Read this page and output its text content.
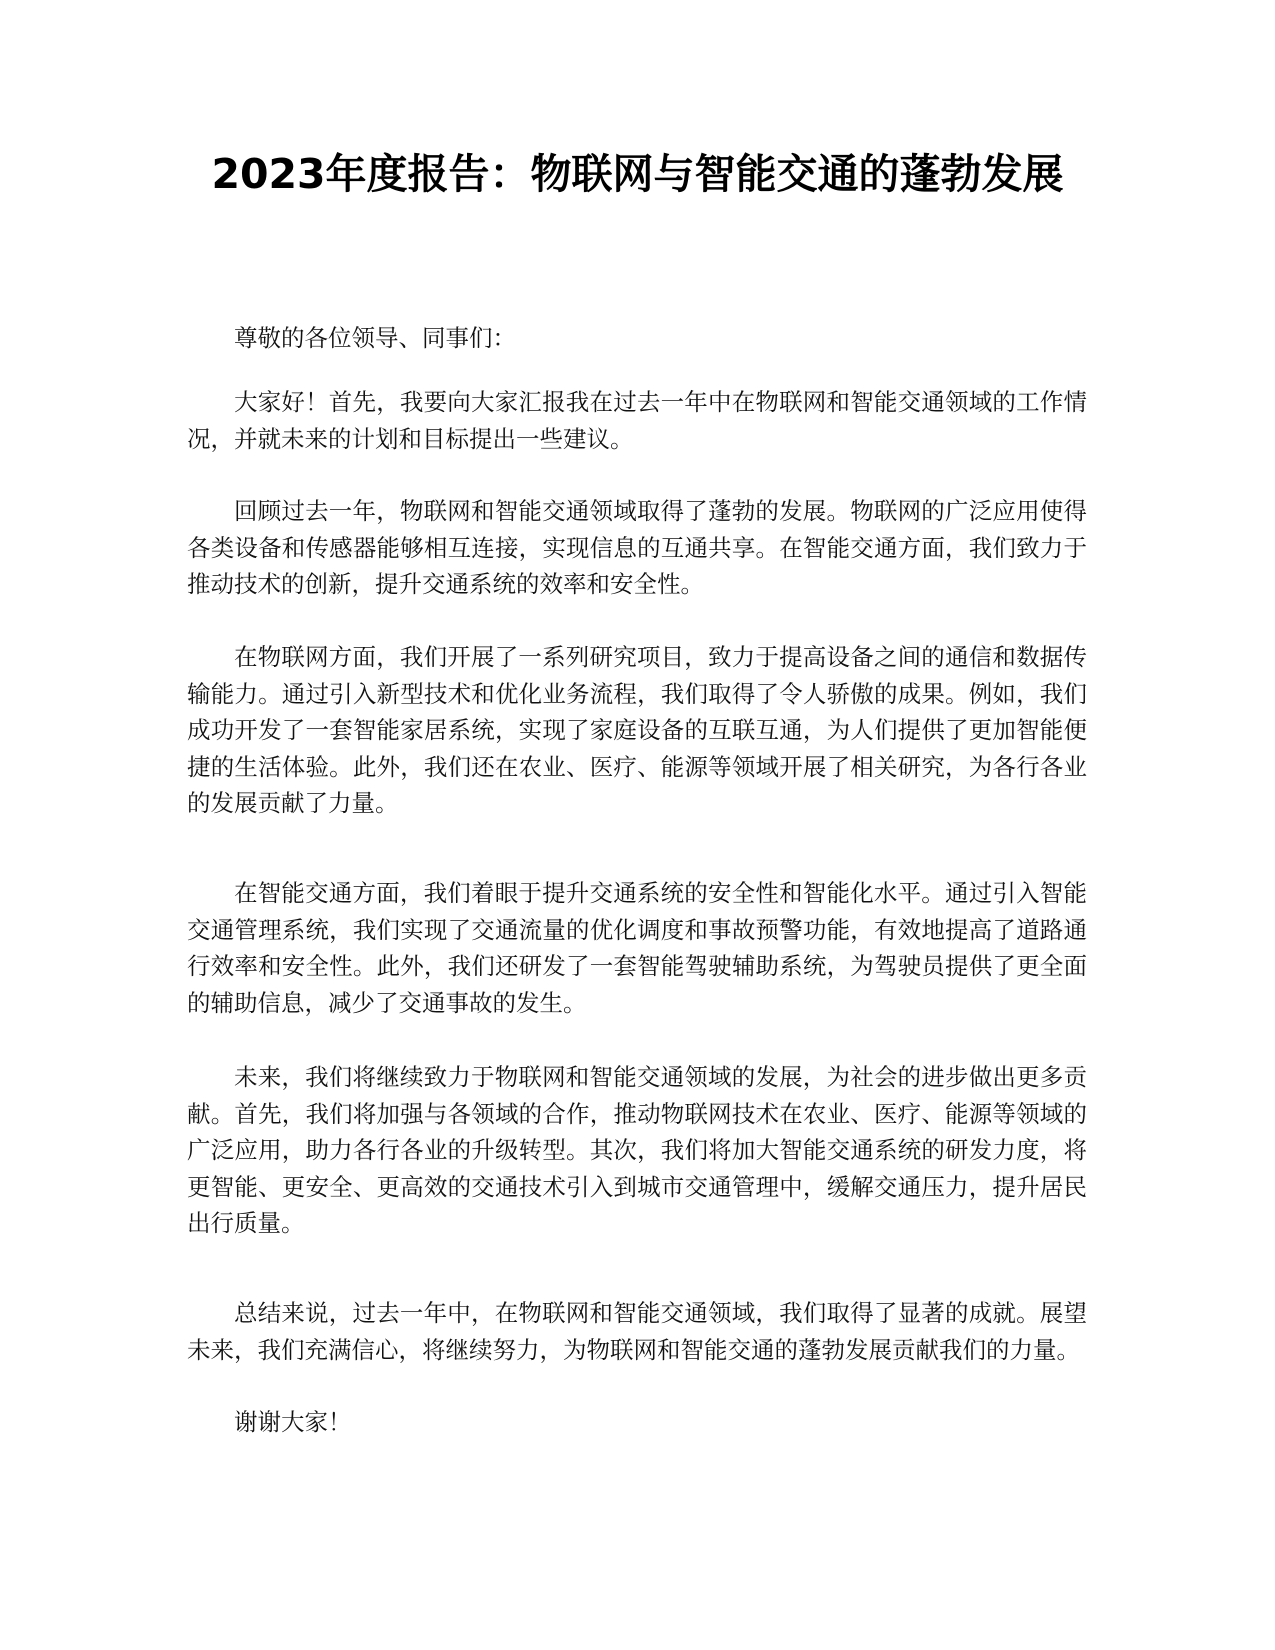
2023年度报告：物联网与智能交通的蓬勃发展

尊敬的各位领导、同事们：

大家好！首先，我要向大家汇报我在过去一年中在物联网和智能交通领域的工作情况，并就未来的计划和目标提出一些建议。

回顾过去一年，物联网和智能交通领域取得了蓬勃的发展。物联网的广泛应用使得各类设备和传感器能够相互连接，实现信息的互通共享。在智能交通方面，我们致力于推动技术的创新，提升交通系统的效率和安全性。

在物联网方面，我们开展了一系列研究项目，致力于提高设备之间的通信和数据传输能力。通过引入新型技术和优化业务流程，我们取得了令人骄傲的成果。例如，我们成功开发了一套智能家居系统，实现了家庭设备的互联互通，为人们提供了更加智能便捷的生活体验。此外，我们还在农业、医疗、能源等领域开展了相关研究，为各行各业的发展贡献了力量。

在智能交通方面，我们着眼于提升交通系统的安全性和智能化水平。通过引入智能交通管理系统，我们实现了交通流量的优化调度和事故预警功能，有效地提高了道路通行效率和安全性。此外，我们还研发了一套智能驾驶辅助系统，为驾驶员提供了更全面的辅助信息，减少了交通事故的发生。

未来，我们将继续致力于物联网和智能交通领域的发展，为社会的进步做出更多贡献。首先，我们将加强与各领域的合作，推动物联网技术在农业、医疗、能源等领域的广泛应用，助力各行各业的升级转型。其次，我们将加大智能交通系统的研发力度，将更智能、更安全、更高效的交通技术引入到城市交通管理中，缓解交通压力，提升居民出行质量。

总结来说，过去一年中，在物联网和智能交通领域，我们取得了显著的成就。展望未来，我们充满信心，将继续努力，为物联网和智能交通的蓬勃发展贡献我们的力量。

谢谢大家！
